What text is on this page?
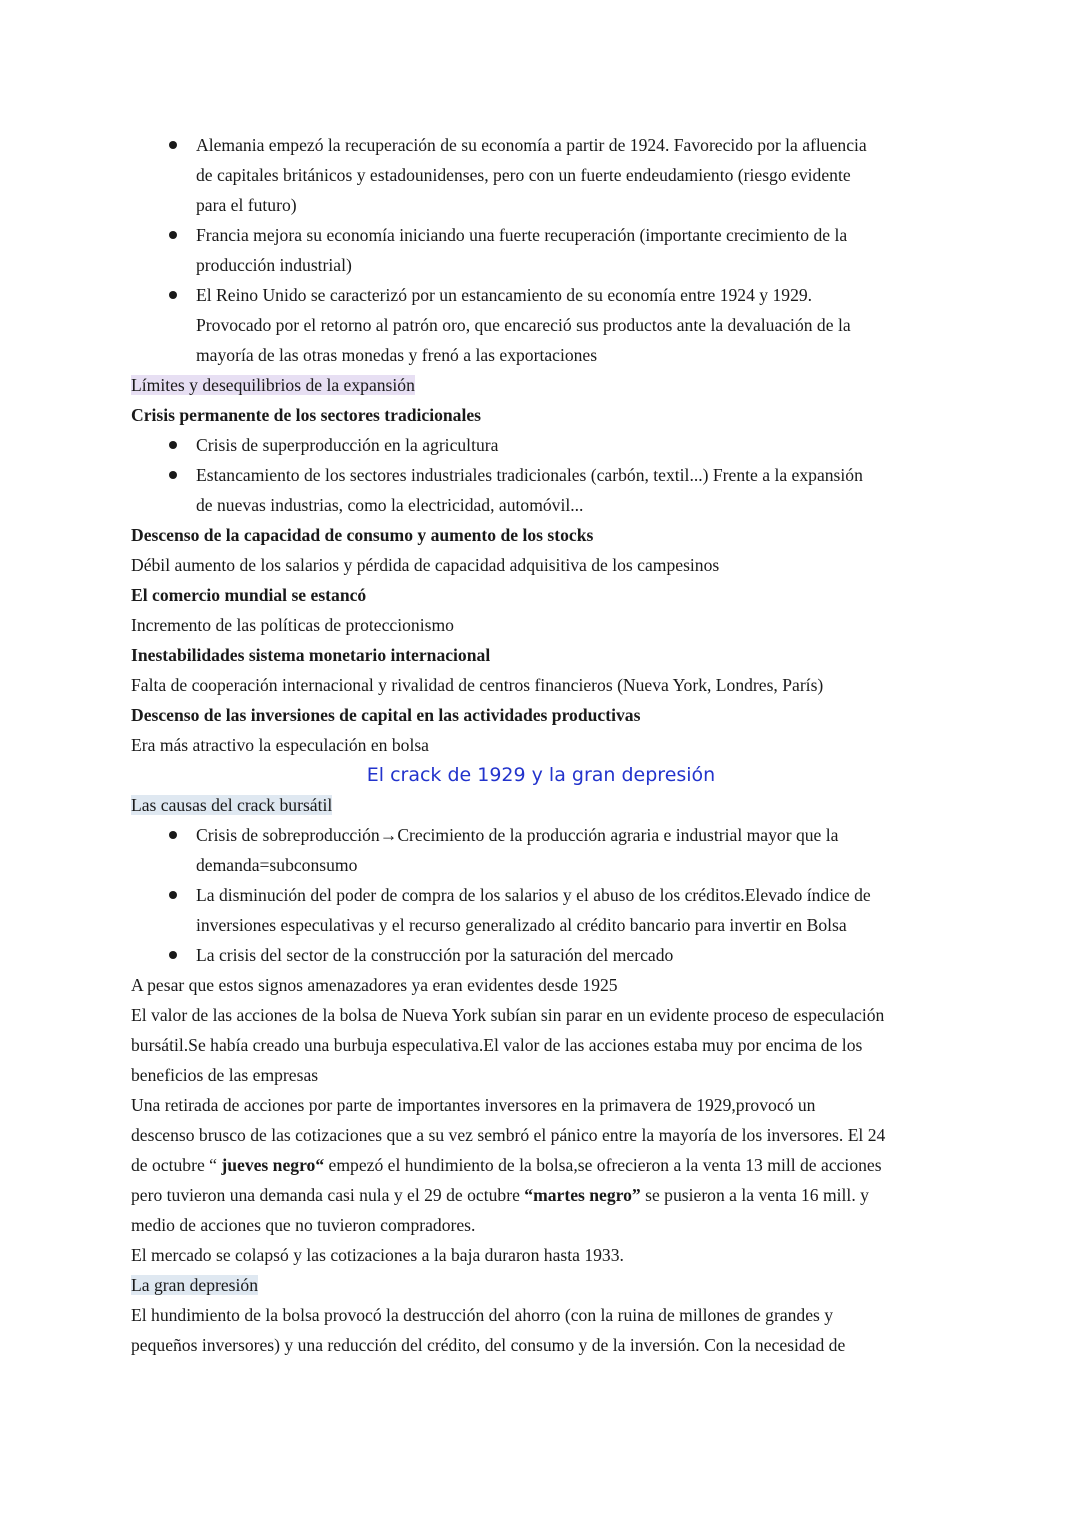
Alemania empezó la recuperación de su economía a partir de 1924. Favorecido por la afluencia
de capitales británicos y estadounidenses, pero con un fuerte endeudamiento (riesgo evidente
para el futuro)
Francia mejora su economía iniciando una fuerte recuperación (importante crecimiento de la
producción industrial)
El Reino Unido se caracterizó por un estancamiento de su economía entre 1924 y 1929.
Provocado por el retorno al patrón oro, que encareció sus productos ante la devaluación de la
mayoría de las otras monedas y frenó a las exportaciones
Límites y desequilibrios de la expansión
Crisis permanente de los sectores tradicionales
Crisis de superproducción en la agricultura
Estancamiento de los sectores industriales tradicionales (carbón, textil...) Frente a la expansión
de nuevas industrias, como la electricidad, automóvil...
Descenso de la capacidad de consumo y aumento de los stocks
Débil aumento de los salarios y pérdida de capacidad adquisitiva de los campesinos
El comercio mundial se estancó
Incremento de las políticas de proteccionismo
Inestabilidades sistema monetario internacional
Falta de cooperación internacional y rivalidad de centros financieros (Nueva York, Londres, París)
Descenso de las inversiones de capital en las actividades productivas
Era más atractivo la especulación en bolsa
El crack de 1929 y la gran depresión
Las causas del crack bursátil
Crisis de sobreproducción→Crecimiento de la producción agraria e industrial mayor que la
demanda=subconsumo
La disminución del poder de compra de los salarios y el abuso de los créditos.Elevado índice de
inversiones especulativas y el recurso generalizado al crédito bancario para invertir en Bolsa
La crisis del sector de la construcción por la saturación del mercado
A pesar que estos signos amenazadores ya eran evidentes desde 1925
El valor de las acciones de la bolsa de Nueva York subían sin parar en un evidente proceso de especulación
bursátil.Se había creado una burbuja especulativa.El valor de las acciones estaba muy por encima de los
beneficios de las empresas
Una retirada de acciones por parte de importantes inversores en la primavera de 1929,provocó un
descenso brusco de las cotizaciones que a su vez sembró el pánico entre la mayoría de los inversores. El 24
de octubre “ jueves negro“ empezó el hundimiento de la bolsa,se ofrecieron a la venta 13 mill de acciones
pero tuvieron una demanda casi nula y el 29 de octubre “martes negro” se pusieron a la venta 16 mill. y
medio de acciones que no tuvieron compradores.
El mercado se colapsó y las cotizaciones a la baja duraron hasta 1933.
La gran depresión
El hundimiento de la bolsa provocó la destrucción del ahorro (con la ruina de millones de grandes y
pequeños inversores) y una reducción del crédito, del consumo y de la inversión. Con la necesidad de
